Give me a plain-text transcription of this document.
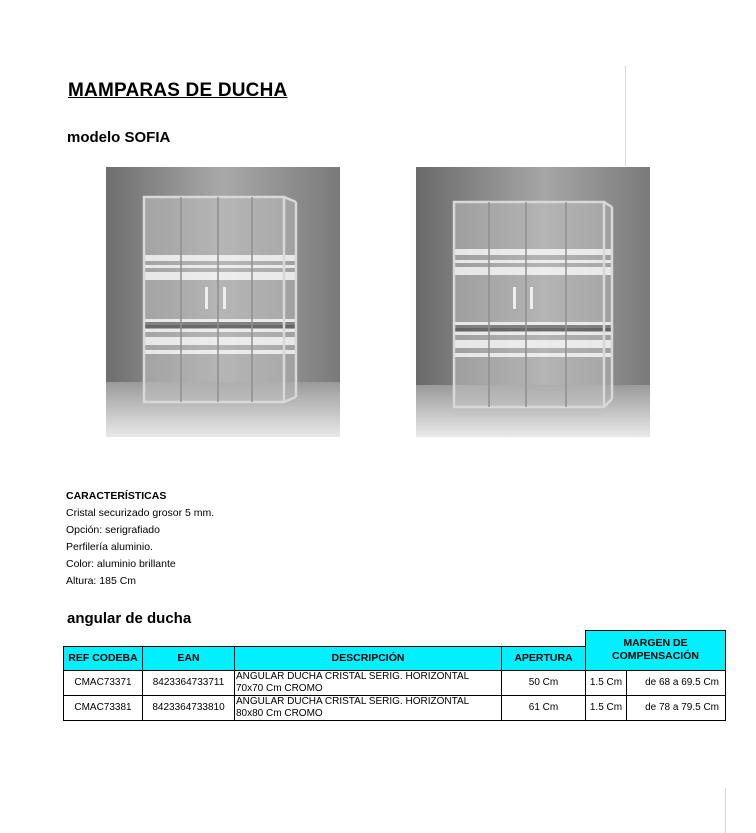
MAMPARAS DE DUCHA
modelo SOFIA
CARACTERÍSTICAS
Cristal securizado grosor 5 mm.
Opción: serigrafiado
Perfilería aluminio.
Color: aluminio brillante
Altura: 185 Cm
angular de ducha
				MARGEN DE COMPENSACIÓN	
REF CODEBA	EAN	DESCRIPCIÓN	APERTURA		
CMAC73371	8423364733711	ANGULAR DUCHA CRISTAL SERIG. HORIZONTAL
70x70 Cm CROMO	50 Cm	1.5 Cm	de 68 a 69.5 Cm
CMAC73381	8423364733810	ANGULAR DUCHA CRISTAL SERIG. HORIZONTAL
80x80 Cm CROMO	61 Cm	1.5 Cm	de 78 a 79.5 Cm
